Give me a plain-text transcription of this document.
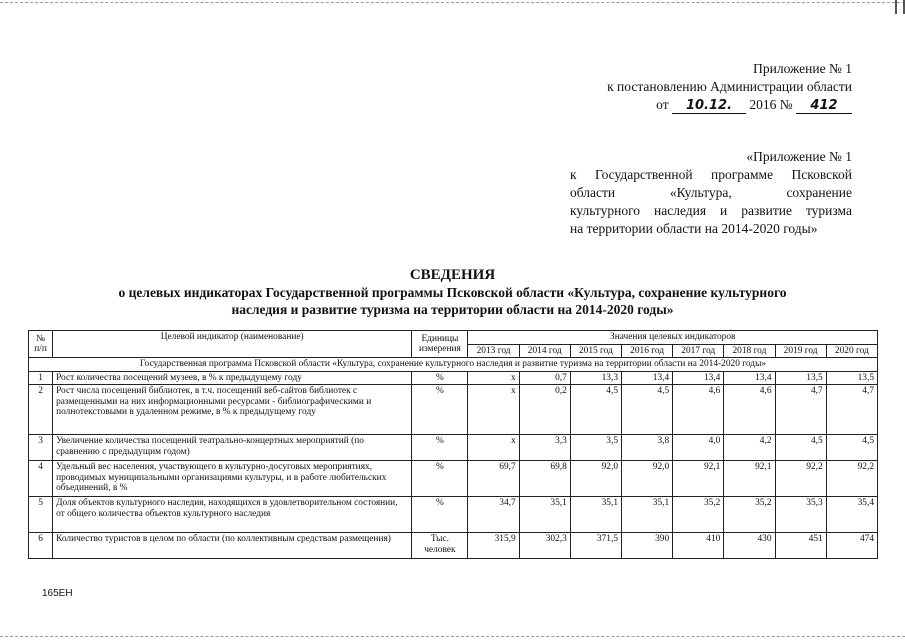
Приложение № 1
к постановлению Администрации области
от 10.12. 2016 № 412
«Приложение № 1
к Государственной программе Псковской
области «Культура, сохранение
культурного наследия и развитие туризма
на территории области на 2014-2020 годы»
СВЕДЕНИЯ
о целевых индикаторах Государственной программы Псковской области «Культура, сохранение культурного
наследия и развитие туризма на территории области на 2014-2020 годы»
№ п/п	Целевой индикатор (наименование)	Единицы измерения	Значения целевых индикаторов							
			2013 год	2014 год	2015 год	2016 год	2017 год	2018 год	2019 год	2020 год
Государственная программа Псковской области «Культура, сохранение культурного наследия и развитие туризма на территории области на 2014-2020 годы»										
1	Рост количества посещений музеев, в % к предыдущему году	%	х	0,7	13,3	13,4	13,4	13,4	13,5	13,5
2	Рост числа посещений библиотек, в т.ч. посещений веб-сайтов библиотек с размещенными на них информационными ресурсами - библиографическими и полнотекстовыми в удаленном режиме, в % к предыдущему году	%	х	0,2	4,5	4,5	4,6	4,6	4,7	4,7
3	Увеличение количества посещений театрально-концертных мероприятий (по сравнению с предыдущим годом)	%	х	3,3	3,5	3,8	4,0	4,2	4,5	4,5
4	Удельный вес населения, участвующего в культурно-досуговых мероприятиях, проводимых муниципальными организациями культуры, и в работе любительских объединений, в %	%	69,7	69,8	92,0	92,0	92,1	92,1	92,2	92,2
5	Доля объектов культурного наследия, находящихся в удовлетворительном состоянии, от общего количества объектов культурного наследия	%	34,7	35,1	35,1	35,1	35,2	35,2	35,3	35,4
6	Количество туристов в целом по области (по коллективным средствам размещения)	Тыс. человек	315,9	302,3	371,5	390	410	430	451	474
165ЕН
